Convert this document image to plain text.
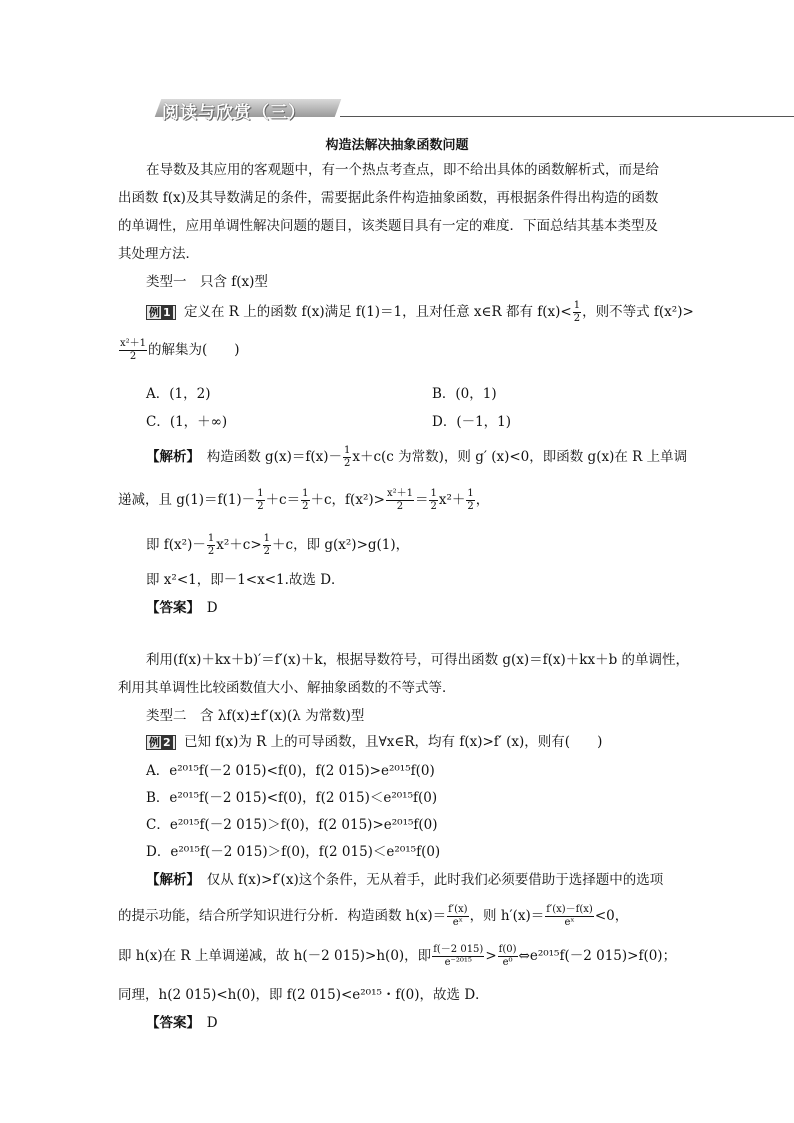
阅读与欣赏（三）
构造法解决抽象函数问题
在导数及其应用的客观题中，有一个热点考查点，即不给出具体的函数解析式，而是给
出函数 f(x)及其导数满足的条件，需要据此条件构造抽象函数，再根据条件得出构造的函数
的单调性，应用单调性解决问题的题目，该类题目具有一定的难度．下面总结其基本类型及
其处理方法．
类型一　只含 f(x)型
例 1 定义在 R 上的函数 f(x)满足 f(1)＝1，且对任意 x∈R 都有 $f(x)< \frac{1}{2}$ ，则不等式 f(x²)>
$\frac{\text{x²＋1}}{2}$ 的解集为(　　)
A．(1，2)	B．(0，1)
C．(1，＋∞)	D．(－1，1)
【解析】　 构造函数 $g(x)=f(x)- \frac{1}{2} x+c(c$ 为常数)，则 g′ (x)<0，即函数 g(x)在 R 上单调
递减，且 $g(1)=f(1)- \frac{1}{2} +c= \frac{1}{2} +c$，$f(x^2)> \frac{\text{x²＋1}}{2} = \frac{1}{2} x^2+ \frac{1}{2}$ ，
即 $f(x^2)- \frac{1}{2} x^2+c> \frac{1}{2} +c$，即 g(x²)>g(1)，
即 x²<1，即－1<x<1.故选 D．
【答案】　 D
利用(f(x)＋kx＋b)′＝f′(x)＋k，根据导数符号，可得出函数 g(x)＝f(x)＋kx＋b 的单调性，
利用其单调性比较函数值大小、解抽象函数的不等式等．
类型二　含 λf(x)±f′(x)(λ 为常数)型
例 2 已知 f(x)为 R 上的可导函数，且∀x∈R，均有 f(x)>f′ (x)，则有(　　)
A．e²⁰¹⁵f(－2 015)<f(0)，f(2 015)>e²⁰¹⁵f(0)
B．e²⁰¹⁵f(－2 015)<f(0)，f(2 015)＜e²⁰¹⁵f(0)
C．e²⁰¹⁵f(－2 015)＞f(0)，f(2 015)>e²⁰¹⁵f(0)
D．e²⁰¹⁵f(－2 015)＞f(0)，f(2 015)＜e²⁰¹⁵f(0)
【解析】　 仅从 f(x)>f′(x)这个条件，无从着手，此时我们必须要借助于选择题中的选项
的提示功能，结合所学知识进行分析．构造函数 $h(x)= \frac{f'(x)}{\text{eˣ}}$ ，则 $h'(x)= \frac{f'(x)-f(x)}{\text{eˣ}} <0$，
即 h(x)在 R 上单调递减，故 h(－2 015)>h(0)，即 $\frac{f(-2 015)}{\text{e⁻²⁰¹⁵}} > \frac{f(0)}{\text{e⁰}}$ ⇔e²⁰¹⁵f(－2 015)>f(0)；
同理，h(2 015)<h(0)，即 f(2 015)<e²⁰¹⁵・f(0)，故选 D．
【答案】　 D
